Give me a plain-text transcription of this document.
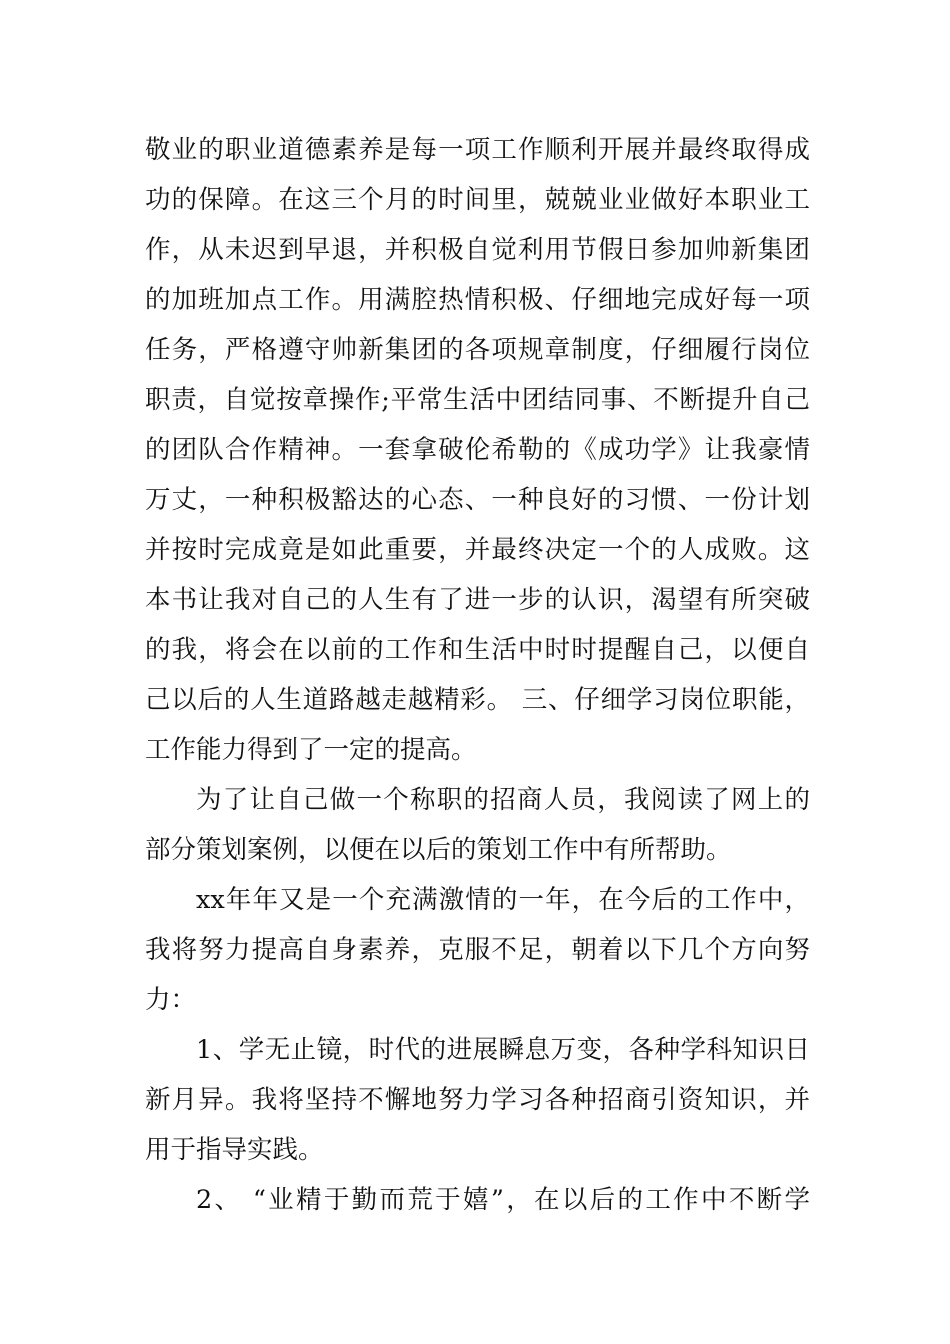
敬业的职业道德素养是每一项工作顺利开展并最终取得成
功的保障。在这三个月的时间里，兢兢业业做好本职业工
作，从未迟到早退，并积极自觉利用节假日参加帅新集团
的加班加点工作。用满腔热情积极、仔细地完成好每一项
任务，严格遵守帅新集团的各项规章制度，仔细履行岗位
职责，自觉按章操作;平常生活中团结同事、不断提升自己
的团队合作精神。一套拿破伦希勒的《成功学》让我豪情
万丈，一种积极豁达的心态、一种良好的习惯、一份计划
并按时完成竟是如此重要，并最终决定一个的人成败。这
本书让我对自己的人生有了进一步的认识，渴望有所突破
的我，将会在以前的工作和生活中时时提醒自己，以便自
己以后的人生道路越走越精彩。 三、仔细学习岗位职能，
工作能力得到了一定的提高。
为了让自己做一个称职的招商人员，我阅读了网上的
部分策划案例，以便在以后的策划工作中有所帮助。
xx年年又是一个充满激情的一年，在今后的工作中，
我将努力提高自身素养，克服不足，朝着以下几个方向努
力：
1、学无止镜，时代的进展瞬息万变，各种学科知识日
新月异。我将坚持不懈地努力学习各种招商引资知识，并
用于指导实践。
2、 “业精于勤而荒于嬉”，在以后的工作中不断学
